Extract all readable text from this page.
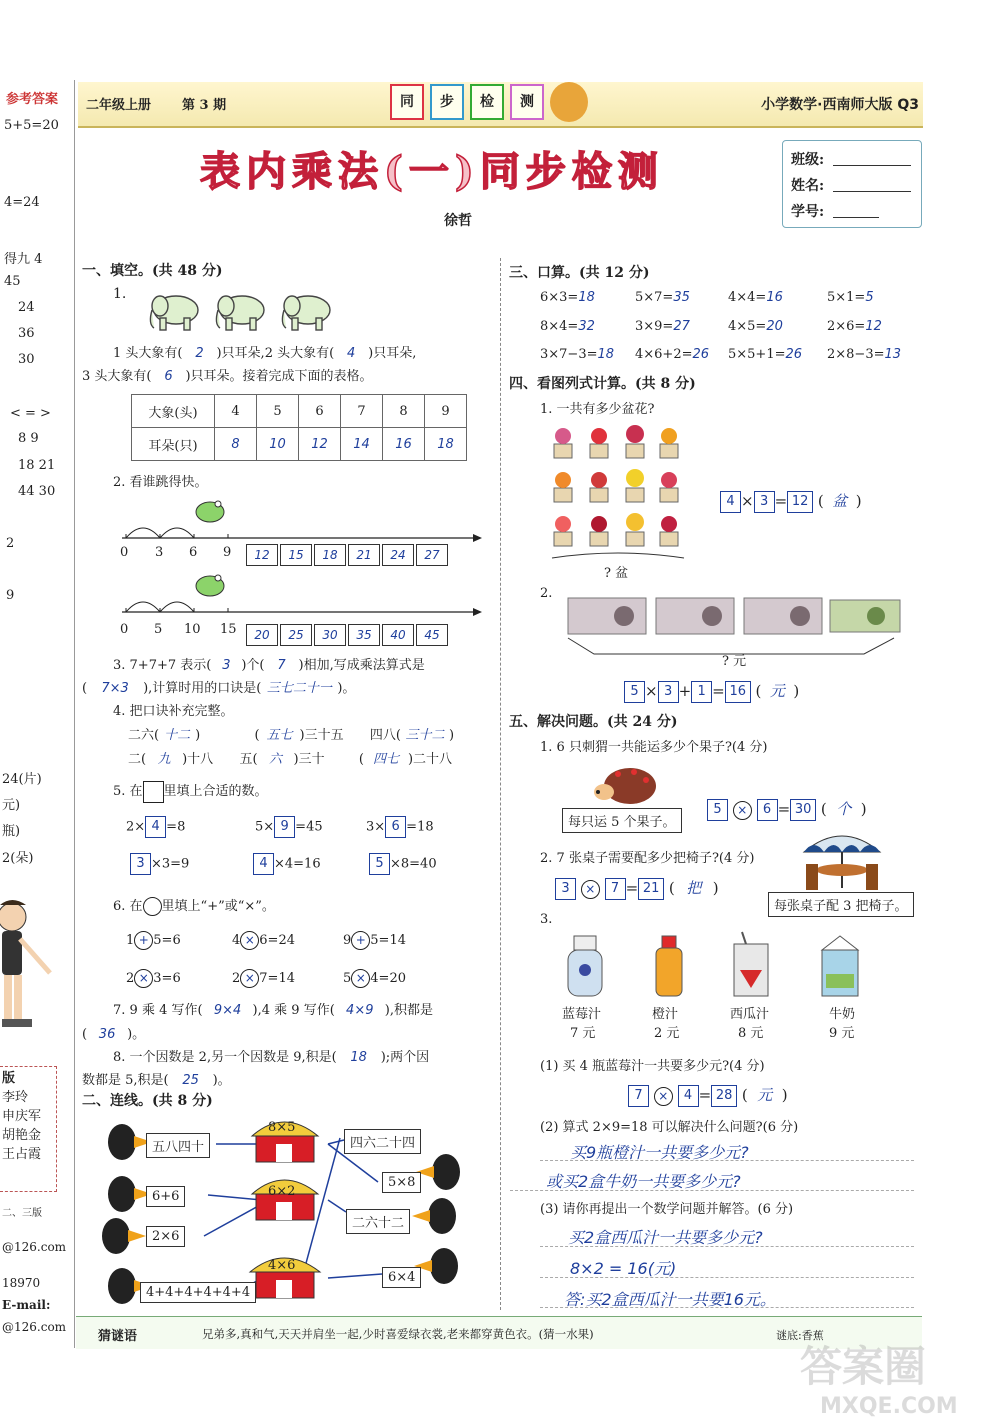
参考答案
5+5=20
4=24
得九 4
45
24
36
30
< = >
8 9
18 21
44 30
2
9
24(片)
元)
瓶)
2(朵)
版
李玲
申庆军
胡艳金
王占霞
二、三版
@126.com
18970
E-mail:
@126.com
二年级上册 第 3 期	同 步 检 测	小学数学·西南师大版 Q3
表内乘法(一)同步检测
徐哲
班级:
姓名:
学号:
一、填空。(共 48 分)
1.
1 头大象有( 2 )只耳朵,2 头大象有( 4 )只耳朵,
3 头大象有( 6 )只耳朵。接着完成下面的表格。
大象(头)	4	5	6	7	8	9
耳朵(只)	8	10	12	14	16	18
2. 看谁跳得快。
0 3 6 9	12 15 18 21 24 27
0 5 10 15	20 25 30 35 40 45
3. 7+7+7 表示( 3 )个( 7 )相加,写成乘法算式是
( 7×3 ),计算时用的口诀是( 三七二十一 )。
4. 把口诀补充完整。
二六( 十二 )	( 五七 )三十五 四八( 三十二 )
二( 九 )十八 五( 六 )三十	( 四七 )二十八
5. 在 里填上合适的数。
2× 4 =8	5× 9 =45	3× 6 =18
3 ×3=9	4 ×4=16	5 ×8=40
6. 在 里填上“+”或“×”。
1 + 5=6	4 × 6=24	9 + 5=14
2 × 3=6	2 × 7=14	5 × 4=20
7. 9 乘 4 写作( 9×4 ),4 乘 9 写作( 4×9 ),积都是
( 36 )。
8. 一个因数是 2,另一个因数是 9,积是( 18 );两个因
数都是 5,积是( 25 )。
二、连线。(共 8 分)
五八四十
6+6
2×6
4+4+4+4+4+4
8×5
6×2
4×6
四六二十四
5×8
二六十二
6×4
三、口算。(共 12 分)
6×3=18	5×7=35	4×4=16	5×1=5
8×4=32	3×9=27	4×5=20	2×6=12
3×7−3=18 4×6+2=26 5×5+1=26 2×8−3=13
四、看图列式计算。(共 8 分)
1. 一共有多少盆花?
? 盆
4 × 3 = 12 ( 盆 )
2.
? 元
5 × 3 + 1 = 16 ( 元 )
五、解决问题。(共 24 分)
1. 6 只刺猬一共能运多少个果子?(4 分)
每只运 5 个果子。
5 × 6 = 30 ( 个 )
2. 7 张桌子需要配多少把椅子?(4 分)
3 × 7 = 21 ( 把 )
每张桌子配 3 把椅子。
3.
蓝莓汁
7 元
橙汁
2 元
西瓜汁
8 元
牛奶
9 元
(1) 买 4 瓶蓝莓汁一共要多少元?(4 分)
7 × 4 = 28 ( 元 )
(2) 算式 2×9=18 可以解决什么问题?(6 分)
买9瓶橙汁一共要多少元?
或买2盒牛奶一共要多少元?
(3) 请你再提出一个数学问题并解答。(6 分)
买2盒西瓜汁一共要多少元?
8×2 = 16(元)
答:买2盒西瓜汁一共要16元。
猜谜语	兄弟多,真和气,天天并肩坐一起,少时喜爱绿衣裳,老来都穿黄色衣。(猜一水果)	谜底:香蕉
答案圈
MXQE.COM
